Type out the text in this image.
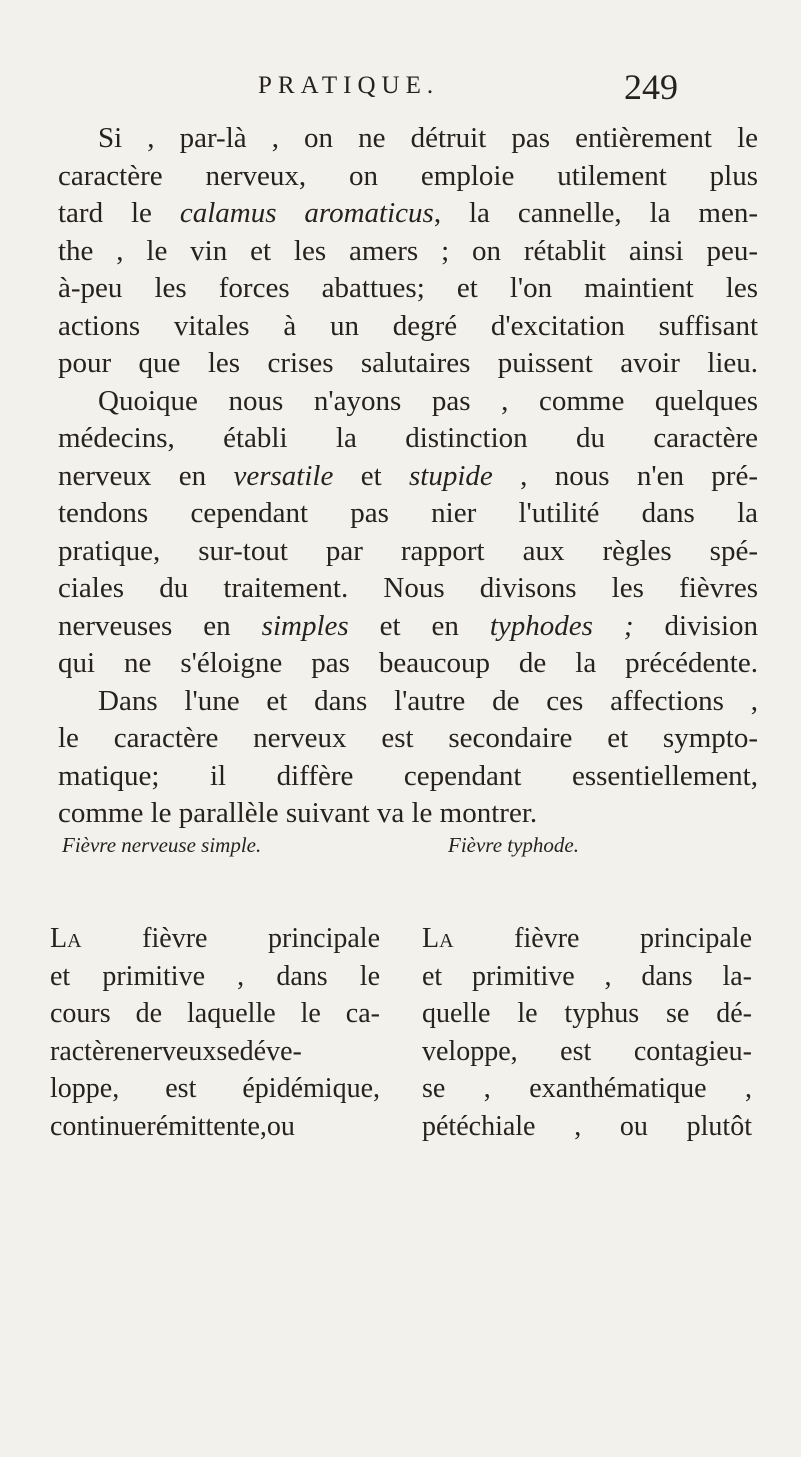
PRATIQUE.	249
Si , par-là , on ne détruit pas entièrement le
caractère nerveux, on emploie utilement plus
tard le calamus aromaticus, la cannelle, la men-
the , le vin et les amers ; on rétablit ainsi peu-
à-peu les forces abattues; et l'on maintient les
actions vitales à un degré d'excitation suffisant
pour que les crises salutaires puissent avoir lieu.
Quoique nous n'ayons pas , comme quelques
médecins, établi la distinction du caractère
nerveux en versatile et stupide , nous n'en pré-
tendons cependant pas nier l'utilité dans la
pratique, sur-tout par rapport aux règles spé-
ciales du traitement. Nous divisons les fièvres
nerveuses en simples et en typhodes ; division
qui ne s'éloigne pas beaucoup de la précédente.
Dans l'une et dans l'autre de ces affections ,
le caractère nerveux est secondaire et sympto-
matique; il diffère cependant essentiellement,
comme le parallèle suivant va le montrer.
Fièvre nerveuse simple.
La fièvre principale
et primitive , dans le
cours de laquelle le ca-
ractèrenerveuxsedéve-
loppe, est épidémique,
continuerémittente,ou
Fièvre typhode.
La fièvre principale
et primitive , dans la-
quelle le typhus se dé-
veloppe, est contagieu-
se , exanthématique ,
pétéchiale , ou plutôt
